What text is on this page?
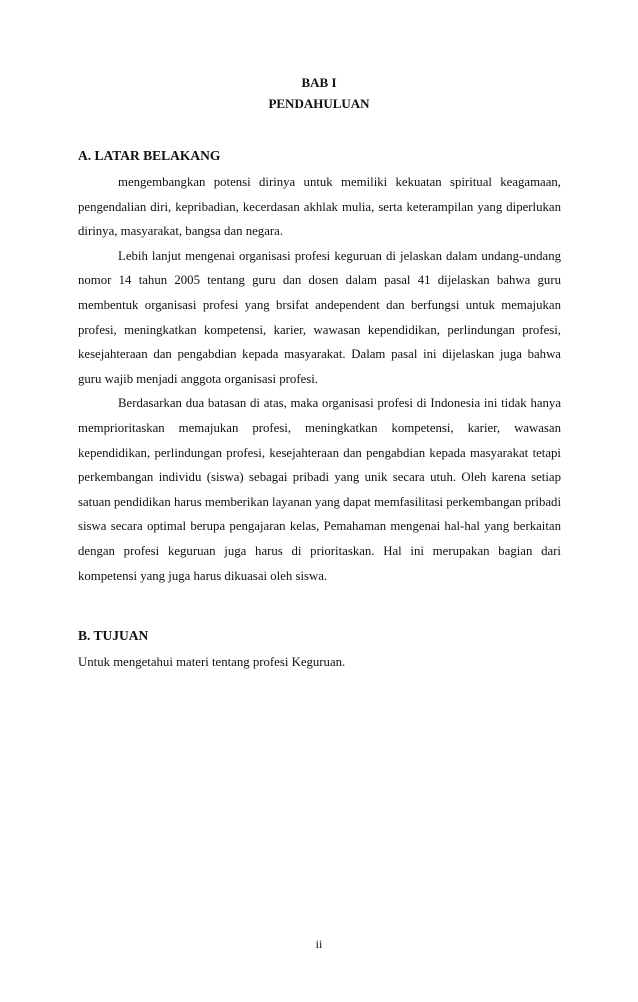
BAB I
PENDAHULUAN
A. LATAR BELAKANG

mengembangkan potensi dirinya untuk memiliki kekuatan spiritual keagamaan, pengendalian diri, kepribadian, kecerdasan akhlak mulia, serta keterampilan yang diperlukan dirinya, masyarakat, bangsa dan negara.

Lebih lanjut mengenai organisasi profesi keguruan di jelaskan dalam undang-undang nomor 14 tahun 2005 tentang guru dan dosen dalam pasal 41 dijelaskan bahwa guru membentuk organisasi profesi yang brsifat andependent dan berfungsi untuk memajukan profesi, meningkatkan kompetensi, karier, wawasan kependidikan, perlindungan profesi, kesejahteraan dan pengabdian kepada masyarakat. Dalam pasal ini dijelaskan juga bahwa guru wajib menjadi anggota organisasi profesi.

Berdasarkan dua batasan di atas, maka organisasi profesi di Indonesia ini tidak hanya memprioritaskan memajukan profesi, meningkatkan kompetensi, karier, wawasan kependidikan, perlindungan profesi, kesejahteraan dan pengabdian kepada masyarakat tetapi perkembangan individu (siswa) sebagai pribadi yang unik secara utuh. Oleh karena setiap satuan pendidikan harus memberikan layanan yang dapat memfasilitasi perkembangan pribadi siswa secara optimal berupa pengajaran kelas, Pemahaman mengenai hal-hal yang berkaitan dengan profesi keguruan juga harus di prioritaskan. Hal ini merupakan bagian dari kompetensi yang juga harus dikuasai oleh siswa.

B. TUJUAN

Untuk mengetahui materi tentang profesi Keguruan.

ii
